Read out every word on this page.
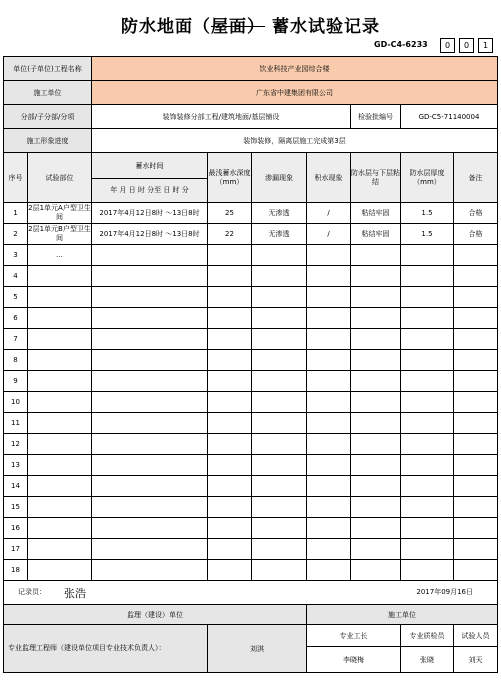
防水地面（屋面） 蓄水试验记录
GD-C4-6233	0	0	1
单位(子单位)工程名称		饮业科技产业园综合楼						
施工单位		广东省中建集团有限公司						
分部/子分部/分项		装饰装修分部工程/建筑地面/基层铺设				检验批编号	GD-C5-71140004	
施工形象进度		装饰装修，隔离层施工完成第3层						
序号	试验部位	蓄水时间	最浅蓄水深度（mm）	渗漏现象	积水现象	防水层与下层粘结	防水层厚度（mm）	备注
		年 月 日 时 分至 日 时 分						
1	2层1单元A户型卫生间	2017年4月12日8时 ～13日8时	25	无渗透	/	粘结牢固	1.5	合格
2	2层1单元B户型卫生间	2017年4月12日8时 ～13日8时	22	无渗透	/	粘结牢固	1.5	合格
3	…							
4								
5								
6								
7								
8								
9								
10								
11								
12								
13								
14								
15								
16								
17								
18								

记录员： 张浩 2017年09月16日								

监理（建设）单位					施工单位			
专业监理工程师（建设单位项目专业技术负责人）：			刘淇		专业工长		专业质检员	试验人员
					李晓梅		张晓	刘天
